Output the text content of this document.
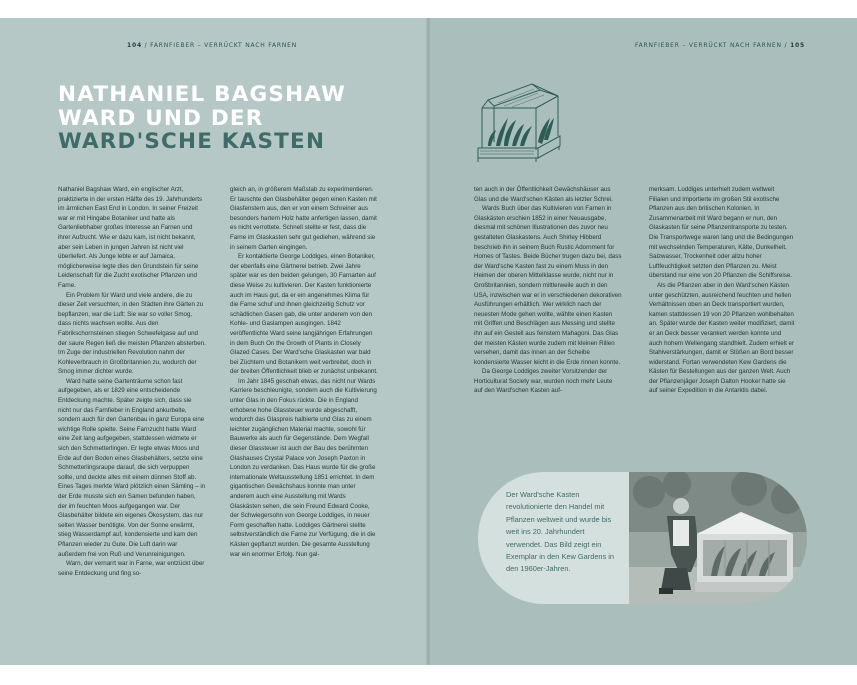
104 / FARNFIEBER – VERRÜCKT NACH FARNEN	FARNFIEBER – VERRÜCKT NACH FARNEN / 105
NATHANIEL BAGSHAW
WARD UND DER
WARD'SCHE KASTEN

Nathaniel Bagshaw Ward, ein englischer Arzt, praktizierte in der ersten Hälfte des 19. Jahrhunderts im ärmlichen East End in London. In seiner Freizeit war er mit Hingabe Botaniker und hatte als Gartenliebhaber großes Interesse an Farnen und ihrer Aufzucht. Wie er dazu kam, ist nicht bekannt, aber sein Leben in jungen Jahren ist nicht viel überliefert. Als Junge lebte er auf Jamaica, möglicherweise legte dies den Grundstein für seine Leidenschaft für die Zucht exotischer Pflanzen und Farne.

Ein Problem für Ward und viele andere, die zu dieser Zeit versuchten, in den Städten ihre Gärten zu bepflanzen, war die Luft: Sie war so voller Smog, dass nichts wachsen wollte. Aus den Fabrikschornsteinen stiegen Schwefelgase auf und der saure Regen ließ die meisten Pflanzen absterben. Im Zuge der industriellen Revolution nahm der Kohleverbrauch in Großbritannien zu, wodurch der Smog immer dichter wurde.

Ward hatte seine Gartenträume schon fast aufgegeben, als er 1829 eine entscheidende Entdeckung machte. Später zeigte sich, dass sie nicht nur das Farnfieber in England ankurbelte, sondern auch für den Gartenbau in ganz Europa eine wichtige Rolle spielte. Seine Farnzucht hatte Ward eine Zeit lang aufgegeben, stattdessen widmete er sich den Schmetterlingen. Er legte etwas Moos und Erde auf den Boden eines Glasbehälters, setzte eine Schmetterlingsraupe darauf, die sich verpuppen sollte, und deckte alles mit einem dünnen Stoff ab. Eines Tages merkte Ward plötzlich einen Sämling – in der Erde musste sich ein Samen befunden haben, der im feuchten Moos aufgegangen war. Der Glasbehälter bildete ein eigenes Ökosystem, das nur selten Wasser benötigte. Von der Sonne erwärmt, stieg Wasserdampf auf, kondensierte und kam den Pflanzen wieder zu Gute. Die Luft darin war außerdem frei von Ruß und Verunreinigungen.

Warn, der vernarrt war in Farne, war entzückt über seine Entdeckung und fing so-

gleich an, in größerem Maßstab zu experimentieren. Er tauschte den Glasbehälter gegen einen Kasten mit Glasfenstern aus, den er von einem Schreiner aus besonders hartem Holz hatte anfertigen lassen, damit es nicht verrottete. Schnell stellte er fest, dass die Farne im Glaskasten sehr gut gediehen, während sie in seinem Garten eingingen.

Er kontaktierte George Loddiges, einen Botaniker, der ebenfalls eine Gärtnerei betrieb. Zwei Jahre später war es den beiden gelungen, 30 Farnarten auf diese Weise zu kultivieren. Der Kasten funktionierte auch im Haus gut, da er ein angenehmes Klima für die Farne schuf und ihnen gleichzeitig Schutz vor schädlichen Gasen gab, die unter anderem von den Kohle- und Gaslampen ausgingen. 1842 veröffentlichte Ward seine langjährigen Erfahrungen in dem Buch On the Growth of Plants in Closely Glazed Cases. Der Ward'sche Glaskasten war bald bei Züchtern und Botanikern weit verbreitet, doch in der breiten Öffentlichkeit blieb er zunächst unbekannt.

Im Jahr 1845 geschah etwas, das nicht nur Wards Karriere beschleunigte, sondern auch die Kultivierung unter Glas in den Fokus rückte. Die in England erhobene hohe Glassteuer wurde abgeschafft, wodurch das Glaspreis halbierte und Glas zu einem leichter zugänglichen Material machte, sowohl für Bauwerke als auch für Gegenstände. Dem Wegfall dieser Glassteuer ist auch der Bau des berühmten Glashauses Crystal Palace von Joseph Paxton in London zu verdanken. Das Haus wurde für die große internationale Weltausstellung 1851 errichtet. In dem gigantischen Gewächshaus konnte man unter anderem auch eine Ausstellung mit Wards Glaskästen sehen, die sein Freund Edward Cooke, der Schwiegersohn von George Loddiges, in neuer Form geschaffen hatte. Loddiges Gärtnerei stellte selbstverständlich die Farne zur Verfügung, die in die Kästen gepflanzt wurden. Die gesamte Ausstellung war ein enormer Erfolg. Nun gal-

ten auch in der Öffentlichkeit Gewächshäuser aus Glas und die Ward'schen Kästen als letzter Schrei.

Wards Buch über das Kultivieren von Farnen in Glaskästen erschien 1852 in einer Neuausgabe, diesmal mit schönen Illustrationen des zuvor neu gestalteten Glaskastens. Auch Shirley Hibberd beschrieb ihn in seinem Buch Rustic Adornment for Homes of Tastes. Beide Bücher trugen dazu bei, dass der Ward'sche Kasten fast zu einem Muss in den Heimen der oberen Mittelklasse wurde, nicht nur in Großbritannien, sondern mittlerweile auch in den USA, inzwischen war er in verschiedenen dekorativen Ausführungen erhältlich. Wer wirklich nach der neuesten Mode gehen wollte, wählte einen Kasten mit Griffen und Beschlägen aus Messing und stellte ihn auf ein Gestell aus feinstem Mahagoni. Das Glas der meisten Kästen wurde zudem mit kleinen Rillen versehen, damit das innen an der Scheibe kondensierte Wasser leicht in die Erde rinnen konnte.

Da George Loddiges zweiter Vorsitzender der Horticultural Society war, wurden noch mehr Leute auf den Ward'schen Kasten auf-

merksam. Loddiges unterhielt zudem weltweit Filialen und importierte im großen Stil exotische Pflanzen aus den britischen Kolonien. In Zusammenarbeit mit Ward begann er nun, den Glaskasten für seine Pflanzentransporte zu testen. Die Transportwege waren lang und die Bedingungen mit wechselnden Temperaturen, Kälte, Dunkelheit, Salzwasser, Trockenheit oder allzu hoher Luftfeuchtigkeit setzten den Pflanzen zu. Meist überstand nur eine von 20 Pflanzen die Schiffsreise.

Als die Pflanzen aber in den Ward'schen Kästen unter geschützten, ausreichend feuchten und hellen Verhältnissen oben an Deck transportiert wurden, kamen stattdessen 19 von 20 Pflanzen wohlbehalten an. Später wurde der Kasten weiter modifiziert, damit er an Deck besser verankert werden konnte und auch hohem Wellengang standhielt. Zudem erhielt er Stahlverstärkungen, damit er Stößen an Bord besser widerstand. Fortan verwendeten Kew Gardens die Kästen für Bestellungen aus der ganzen Welt. Auch der Pflanzenjäger Joseph Dalton Hooker hatte sie auf seiner Expedition in die Antarktis dabei.

Der Ward'sche Kasten revolutionierte den Handel mit Pflanzen weltweit und wurde bis weit ins 20. Jahrhundert verwendet. Das Bild zeigt ein Exemplar in den Kew Gardens in den 1960er-Jahren.
